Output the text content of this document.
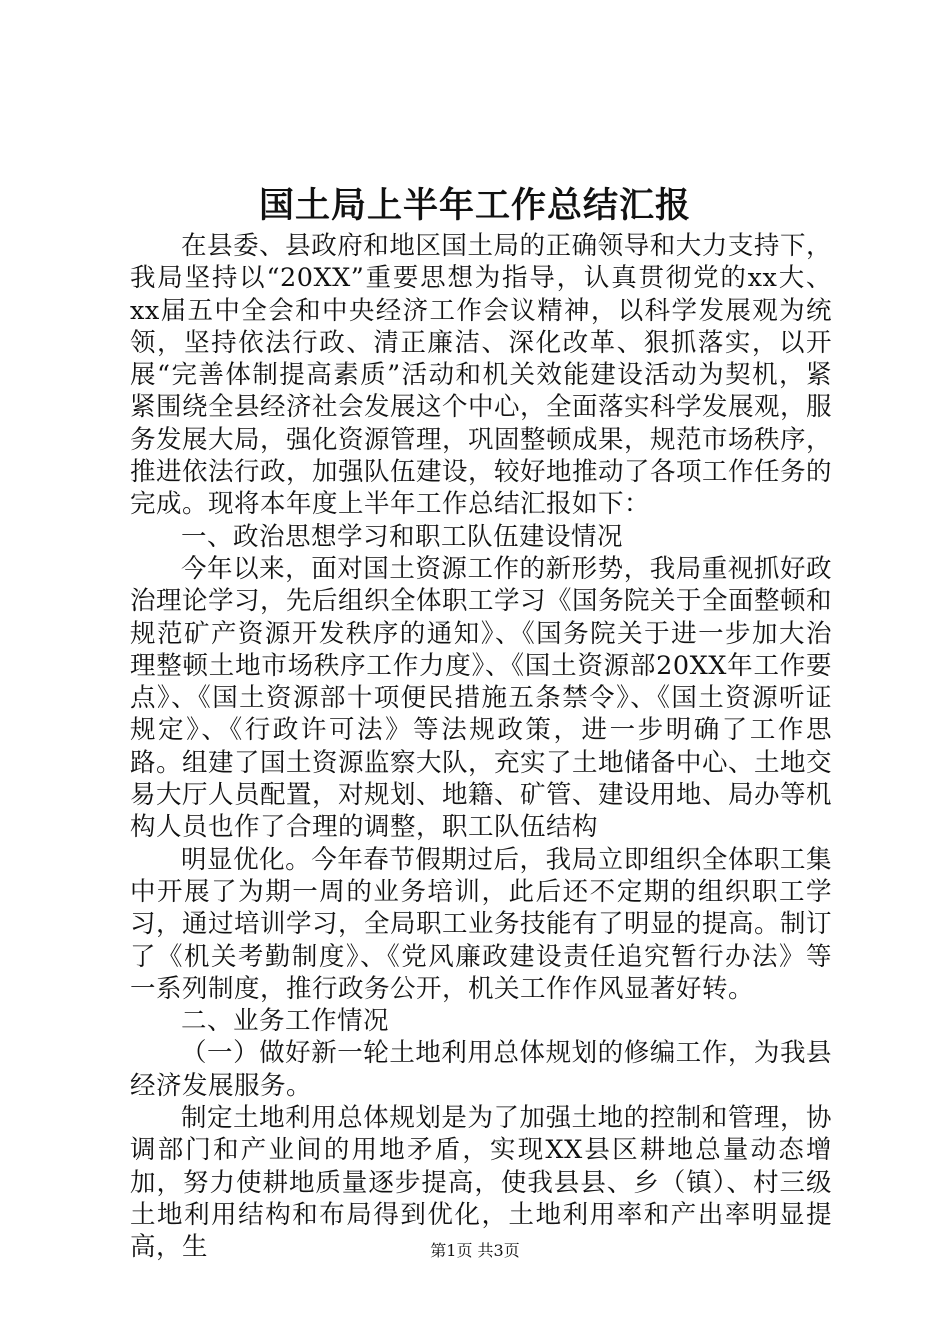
国土局上半年工作总结汇报

在县委、县政府和地区国土局的正确领导和大力支持下，我局坚持以“20XX”重要思想为指导，认真贯彻党的xx大、xx届五中全会和中央经济工作会议精神，以科学发展观为统领，坚持依法行政、清正廉洁、深化改革、狠抓落实，以开展“完善体制提高素质”活动和机关效能建设活动为契机，紧紧围绕全县经济社会发展这个中心，全面落实科学发展观，服务发展大局，强化资源管理，巩固整顿成果，规范市场秩序，推进依法行政，加强队伍建设，较好地推动了各项工作任务的完成。现将本年度上半年工作总结汇报如下：

一、政治思想学习和职工队伍建设情况

今年以来，面对国土资源工作的新形势，我局重视抓好政治理论学习，先后组织全体职工学习《国务院关于全面整顿和规范矿产资源开发秩序的通知》、《国务院关于进一步加大治理整顿土地市场秩序工作力度》、《国土资源部20XX年工作要点》、《国土资源部十项便民措施五条禁令》、《国土资源听证规定》、《行政许可法》等法规政策，进一步明确了工作思路。组建了国土资源监察大队，充实了土地储备中心、土地交易大厅人员配置，对规划、地籍、矿管、建设用地、局办等机构人员也作了合理的调整，职工队伍结构

明显优化。今年春节假期过后，我局立即组织全体职工集中开展了为期一周的业务培训，此后还不定期的组织职工学习，通过培训学习，全局职工业务技能有了明显的提高。制订了《机关考勤制度》、《党风廉政建设责任追究暂行办法》等一系列制度，推行政务公开，机关工作作风显著好转。

二、业务工作情况

（一）做好新一轮土地利用总体规划的修编工作，为我县经济发展服务。

制定土地利用总体规划是为了加强土地的控制和管理，协调部门和产业间的用地矛盾，实现XX县区耕地总量动态增加，努力使耕地质量逐步提高，使我县县、乡（镇）、村三级土地利用结构和布局得到优化，土地利用率和产出率明显提高，生	第1页 共3页
